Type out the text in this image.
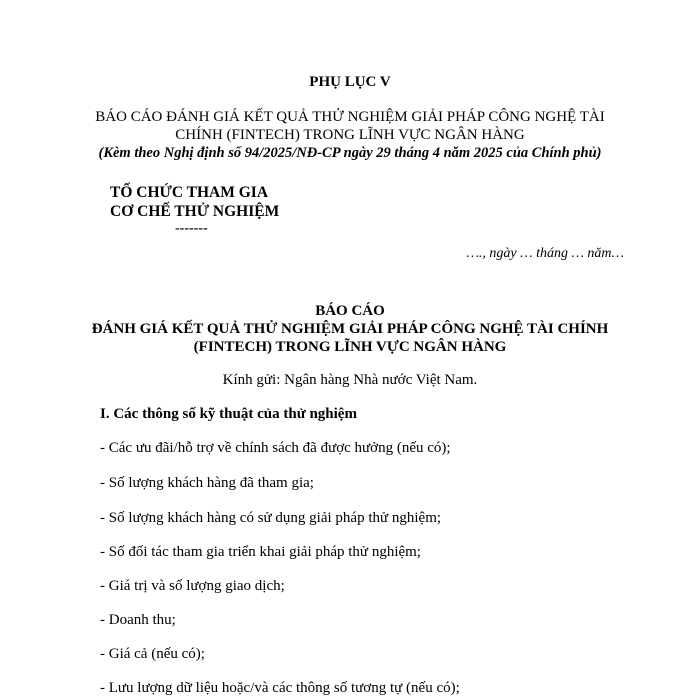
PHỤ LỤC V
BÁO CÁO ĐÁNH GIÁ KẾT QUẢ THỬ NGHIỆM GIẢI PHÁP CÔNG NGHỆ TÀI
CHÍNH (FINTECH) TRONG LĨNH VỰC NGÂN HÀNG
(Kèm theo Nghị định số 94/2025/NĐ-CP ngày 29 tháng 4 năm 2025 của Chính phủ)
TỔ CHỨC THAM GIA
CƠ CHẾ THỬ NGHIỆM
-------
…., ngày … tháng … năm…
BÁO CÁO
ĐÁNH GIÁ KẾT QUẢ THỬ NGHIỆM GIẢI PHÁP CÔNG NGHỆ TÀI CHÍNH
(FINTECH) TRONG LĨNH VỰC NGÂN HÀNG
Kính gửi: Ngân hàng Nhà nước Việt Nam.
I. Các thông số kỹ thuật của thử nghiệm
- Các ưu đãi/hỗ trợ về chính sách đã được hưởng (nếu có);
- Số lượng khách hàng đã tham gia;
- Số lượng khách hàng có sử dụng giải pháp thử nghiệm;
- Số đối tác tham gia triển khai giải pháp thử nghiệm;
- Giá trị và số lượng giao dịch;
- Doanh thu;
- Giá cả (nếu có);
- Lưu lượng dữ liệu hoặc/và các thông số tương tự (nếu có);
